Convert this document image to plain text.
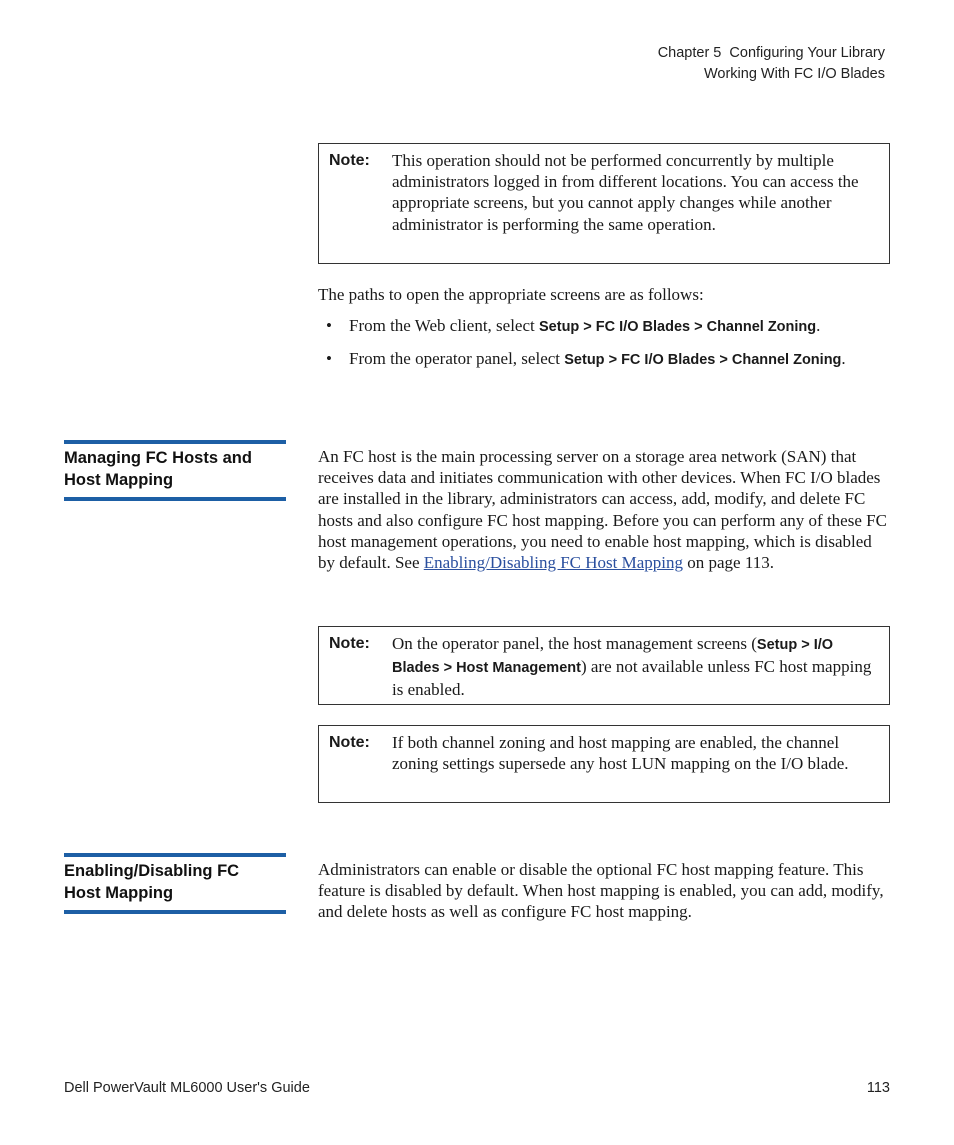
Chapter 5  Configuring Your Library
Working With FC I/O Blades
Note: This operation should not be performed concurrently by multiple administrators logged in from different locations. You can access the appropriate screens, but you cannot apply changes while another administrator is performing the same operation.

The paths to open the appropriate screens are as follows:

• From the Web client, select Setup > FC I/O Blades > Channel Zoning.
• From the operator panel, select Setup > FC I/O Blades > Channel Zoning.
Managing FC Hosts and Host Mapping

An FC host is the main processing server on a storage area network (SAN) that receives data and initiates communication with other devices. When FC I/O blades are installed in the library, administrators can access, add, modify, and delete FC hosts and also configure FC host mapping. Before you can perform any of these FC host management operations, you need to enable host mapping, which is disabled by default. See Enabling/Disabling FC Host Mapping on page 113.

Note: On the operator panel, the host management screens (Setup > I/O Blades > Host Management) are not available unless FC host mapping is enabled.
Note: If both channel zoning and host mapping are enabled, the channel zoning settings supersede any host LUN mapping on the I/O blade.
Enabling/Disabling FC Host Mapping

Administrators can enable or disable the optional FC host mapping feature. This feature is disabled by default. When host mapping is enabled, you can add, modify, and delete hosts as well as configure FC host mapping.

Dell PowerVault ML6000 User's Guide	113
